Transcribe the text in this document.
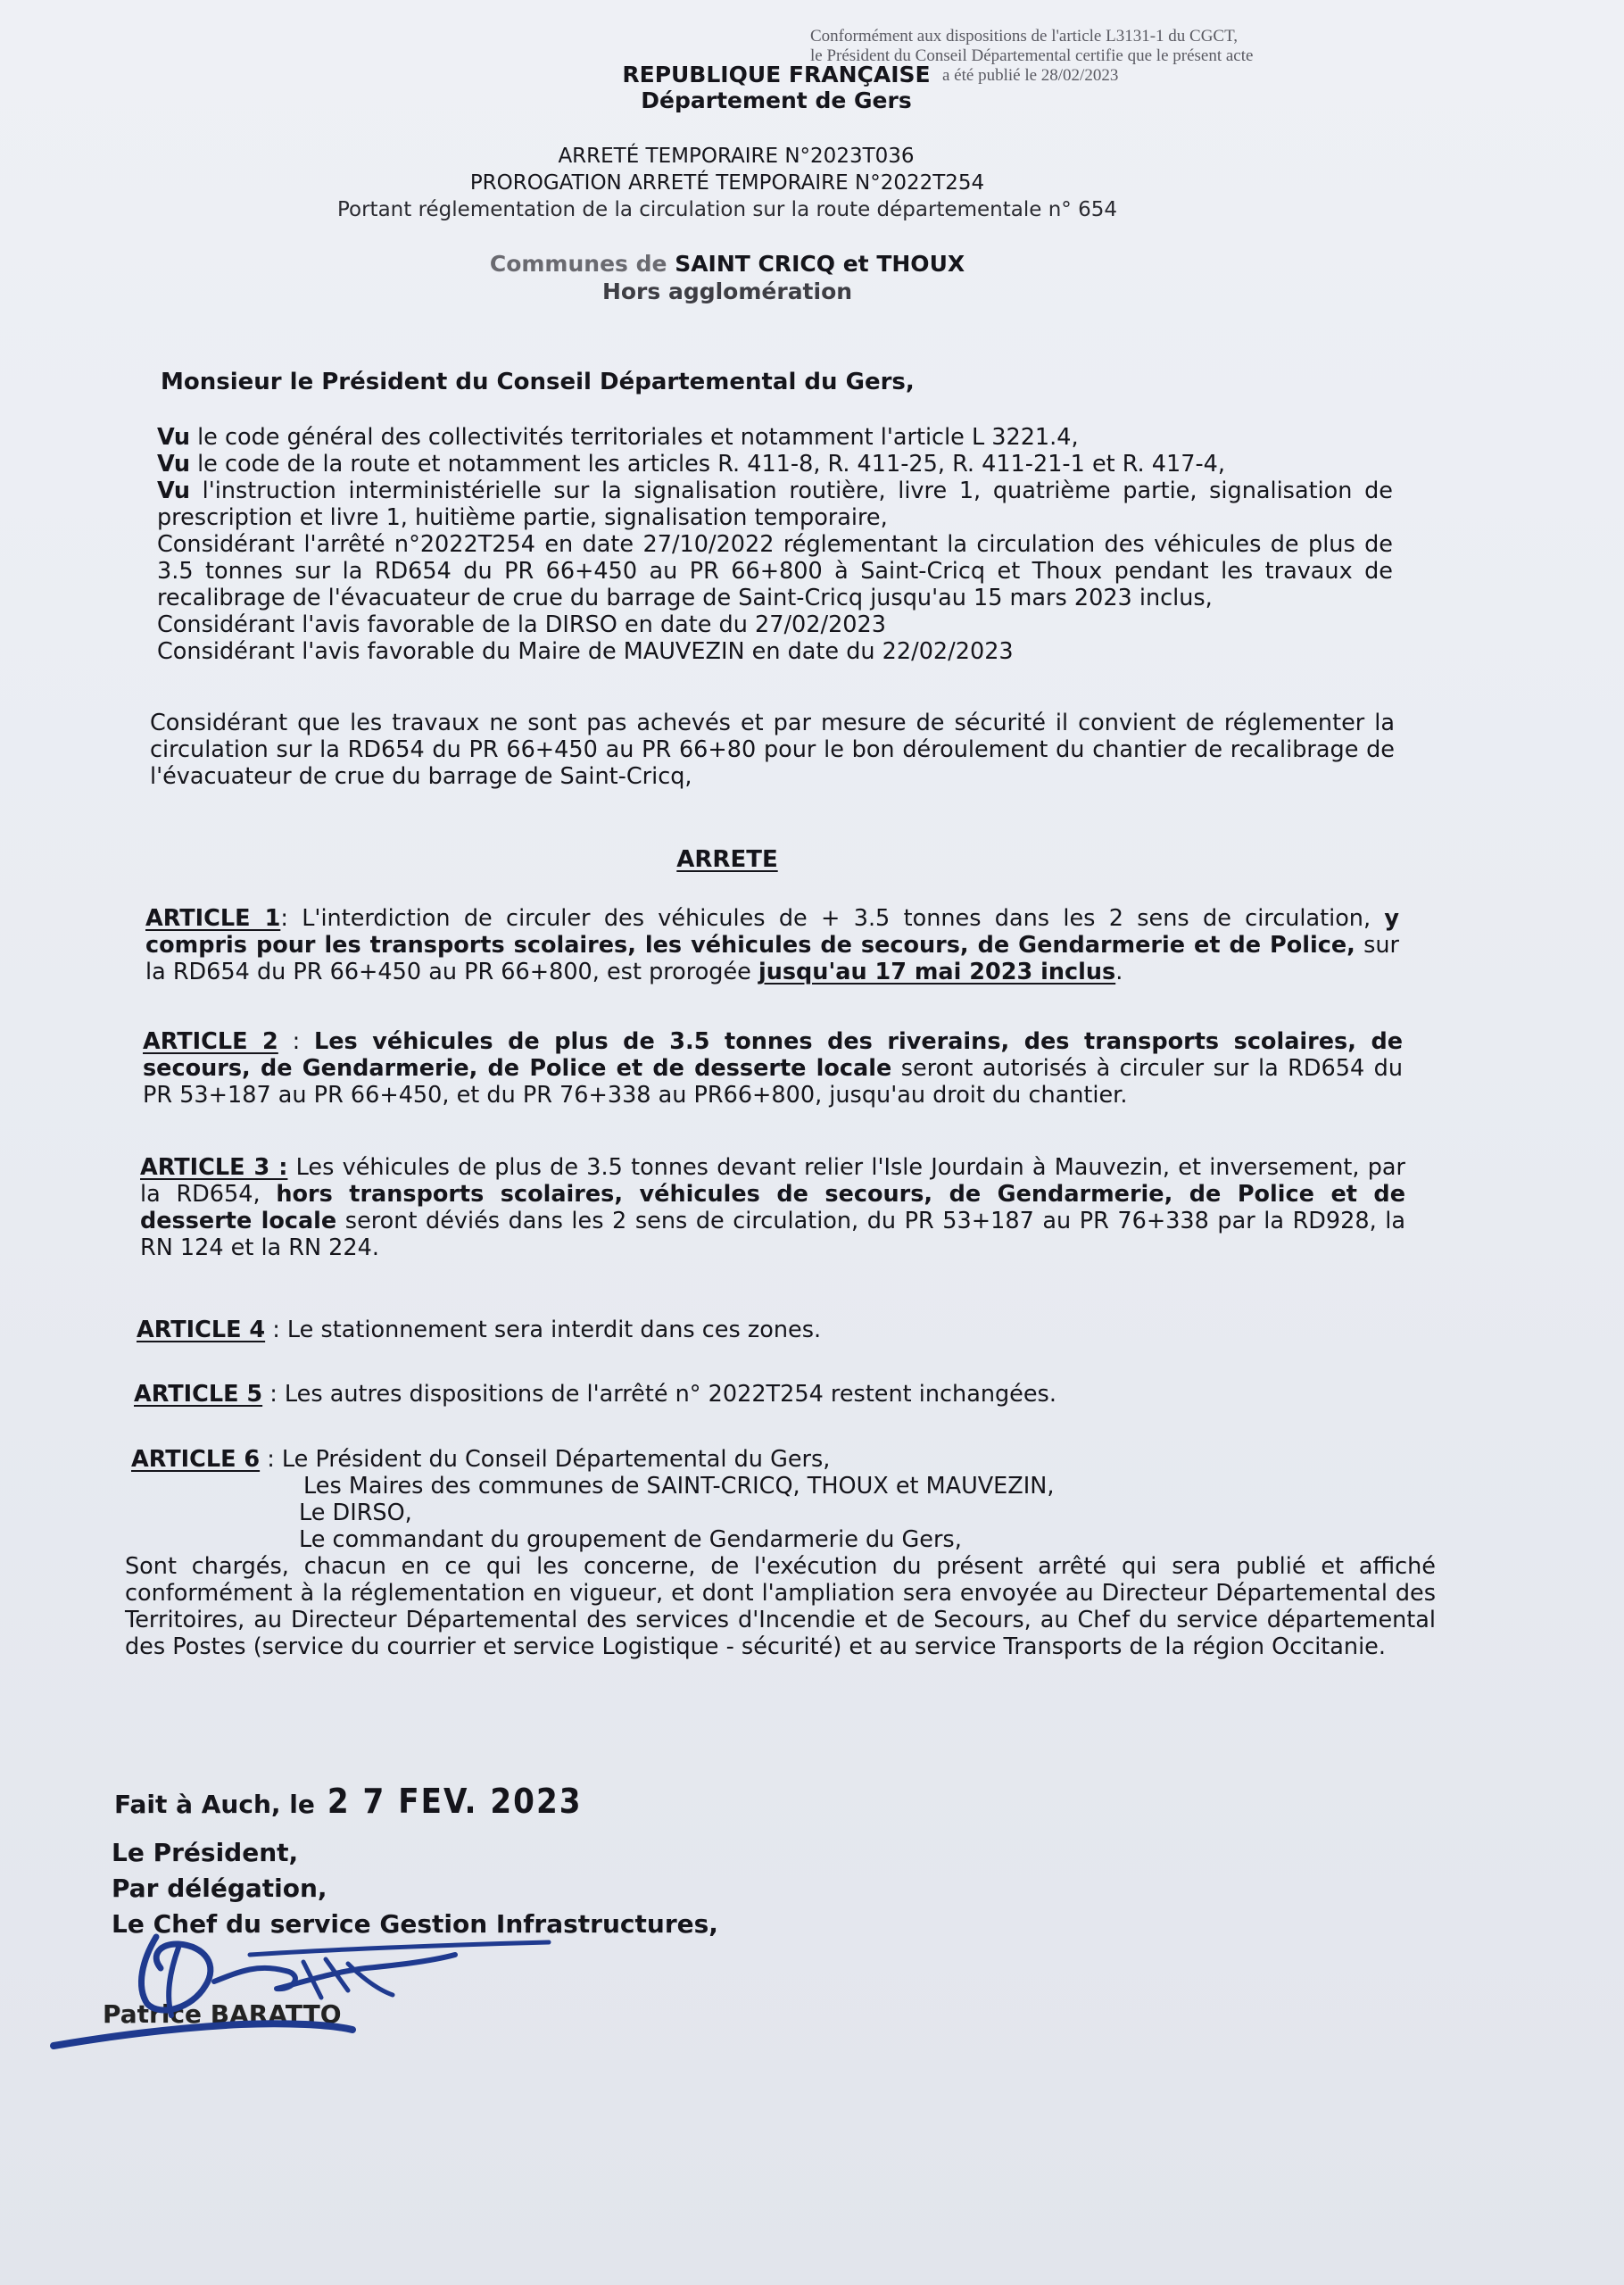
Conformément aux dispositions de l'article L3131-1 du CGCT,
le Président du Conseil Départemental certifie que le présent acte
a été publié le 28/02/2023
REPUBLIQUE FRANÇAISE
Département de Gers
ARRETÉ TEMPORAIRE N°2023T036
PROROGATION ARRETÉ TEMPORAIRE N°2022T254
Portant réglementation de la circulation sur la route départementale n° 654
Communes de SAINT CRICQ et THOUX
Hors agglomération
Monsieur le Président du Conseil Départemental du Gers,

Vu le code général des collectivités territoriales et notamment l'article L 3221.4,

Vu le code de la route et notamment les articles R. 411-8, R. 411-25, R. 411-21-1 et R. 417-4,

Vu l'instruction interministérielle sur la signalisation routière, livre 1, quatrième partie, signalisation de prescription et livre 1, huitième partie, signalisation temporaire,

Considérant l'arrêté n°2022T254 en date 27/10/2022 réglementant la circulation des véhicules de plus de 3.5 tonnes sur la RD654 du PR 66+450 au PR 66+800 à Saint-Cricq et Thoux pendant les travaux de recalibrage de l'évacuateur de crue du barrage de Saint-Cricq jusqu'au 15 mars 2023 inclus,

Considérant l'avis favorable de la DIRSO en date du 27/02/2023

Considérant l'avis favorable du Maire de MAUVEZIN en date du 22/02/2023

Considérant que les travaux ne sont pas achevés et par mesure de sécurité il convient de réglementer la circulation sur la RD654 du PR 66+450 au PR 66+80 pour le bon déroulement du chantier de recalibrage de l'évacuateur de crue du barrage de Saint-Cricq,
ARRETE
ARTICLE 1: L'interdiction de circuler des véhicules de + 3.5 tonnes dans les 2 sens de circulation, y compris pour les transports scolaires, les véhicules de secours, de Gendarmerie et de Police, sur la RD654 du PR 66+450 au PR 66+800, est prorogée jusqu'au 17 mai 2023 inclus.
ARTICLE 2 : Les véhicules de plus de 3.5 tonnes des riverains, des transports scolaires, de secours, de Gendarmerie, de Police et de desserte locale seront autorisés à circuler sur la RD654 du PR 53+187 au PR 66+450, et du PR 76+338 au PR66+800, jusqu'au droit du chantier.
ARTICLE 3 : Les véhicules de plus de 3.5 tonnes devant relier l'Isle Jourdain à Mauvezin, et inversement, par la RD654, hors transports scolaires, véhicules de secours, de Gendarmerie, de Police et de desserte locale seront déviés dans les 2 sens de circulation, du PR 53+187 au PR 76+338 par la RD928, la RN 124 et la RN 224.
ARTICLE 4 : Le stationnement sera interdit dans ces zones.
ARTICLE 5 : Les autres dispositions de l'arrêté n° 2022T254 restent inchangées.
ARTICLE 6 : Le Président du Conseil Départemental du Gers,
Les Maires des communes de SAINT-CRICQ, THOUX et MAUVEZIN,
Le DIRSO,
Le commandant du groupement de Gendarmerie du Gers,
Sont chargés, chacun en ce qui les concerne, de l'exécution du présent arrêté qui sera publié et affiché conformément à la réglementation en vigueur, et dont l'ampliation sera envoyée au Directeur Départemental des Territoires, au Directeur Départemental des services d'Incendie et de Secours, au Chef du service départemental des Postes (service du courrier et service Logistique - sécurité) et au service Transports de la région Occitanie.
Fait à Auch, le 2 7 FEV. 2023
Le Président,
Par délégation,
Le Chef du service Gestion Infrastructures,
Patrice BARATTO
